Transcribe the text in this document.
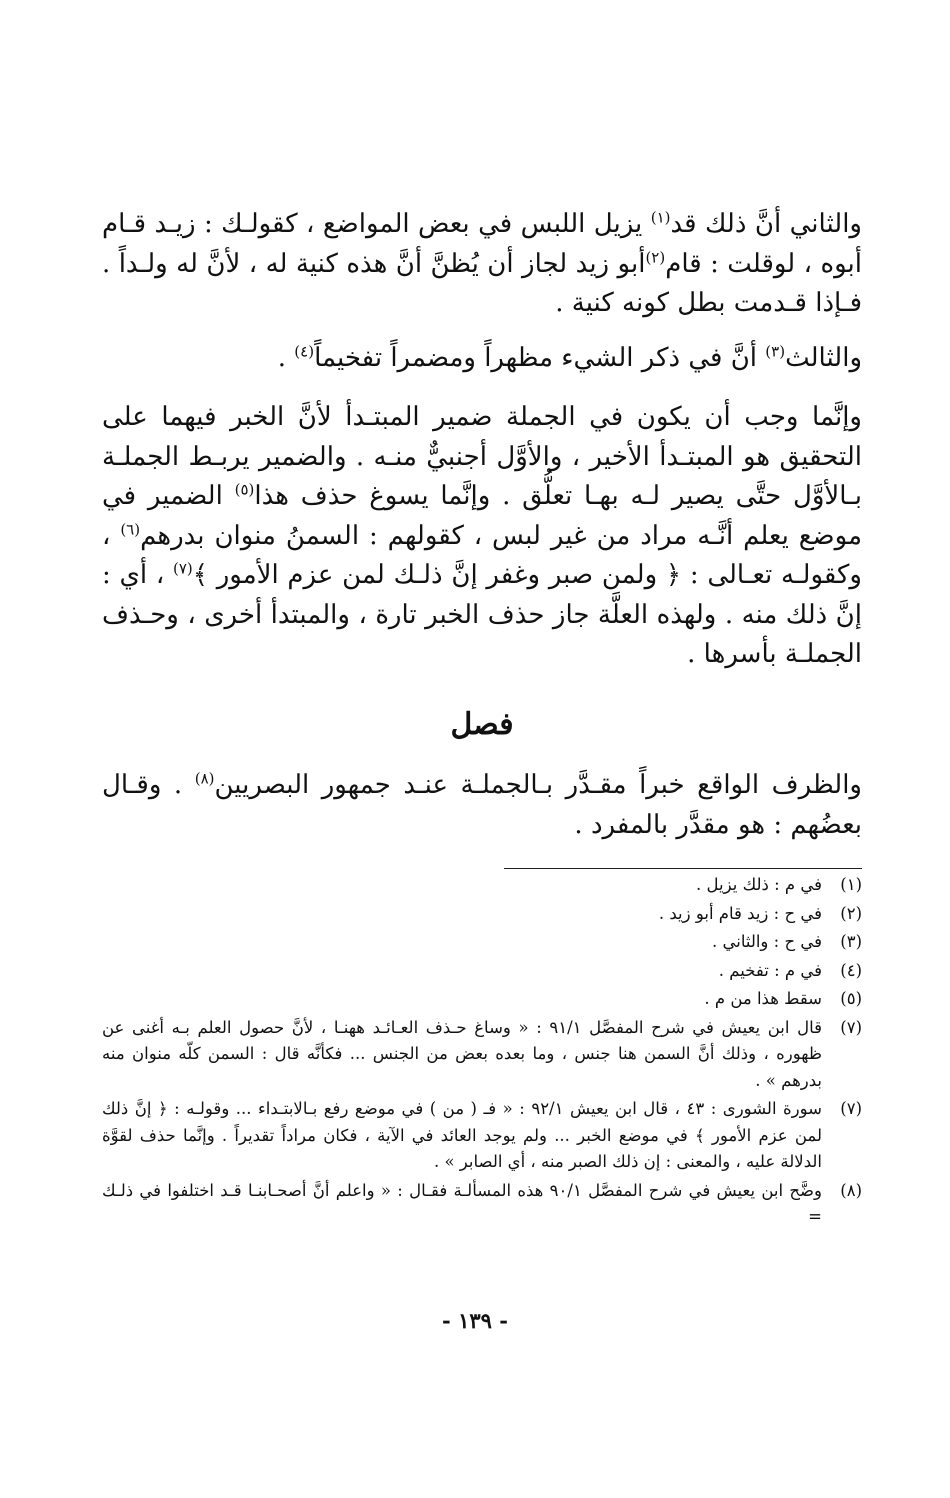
والثاني أنَّ ذلك قد$^{(١)}$ يزيل اللبس في بعض المواضع ، كقولـك : زيـد قـام أبوه ، لوقلت : قام$^{(٢)}$أبو زيد لجاز أن يُظنَّ أنَّ هذه كنية له ، لأنَّ له ولـداً . فـإذا قـدمت بطل كونه كنية .

والثالث$^{(٣)}$ أنَّ في ذكر الشيء مظهراً ومضمراً تفخيماً$^{(٤)}$ .

وإنَّما وجب أن يكون في الجملة ضمير المبتـدأ لأنَّ الخبر فيهما على التحقيق هو المبتـدأ الأخير ، والأوَّل أجنبيٌّ منـه . والضمير يربـط الجملـة بـالأوَّل حتَّى يصير لـه بهـا تعلُّق . وإنَّما يسوغ حذف هذا$^{(٥)}$ الضمير في موضع يعلم أنَّـه مراد من غير لبس ، كقولهم : السمنُ منوان بدرهم$^{(٦)}$ ، وكقولـه تعـالى : ﴿ ولمن صبر وغفر إنَّ ذلـك لمن عزم الأمور ﴾$^{(٧)}$ ، أي : إنَّ ذلك منه . ولهذه العلَّة جاز حذف الخبر تارة ، والمبتدأ أخرى ، وحـذف الجملـة بأسرها .

فصل

والظرف الواقع خبراً مقـدَّر بـالجملـة عنـد جمهور البصريين$^{(٨)}$ . وقـال بعضُهم : هو مقدَّر بالمفرد .

(١)
في م : ذلك يزيل .
(٢)
في ح : زيد قام أبو زيد .
(٣)
في ح : والثاني .
(٤)
في م : تفخيم .
(٥)
سقط هذا من م .
(٧)
قال ابن يعيش في شرح المفصَّل ٩١/١ : « وساغ حـذف العـائـد ههنـا ، لأنَّ حصول العلم بـه أغنى عن ظهوره ، وذلك أنَّ السمن هنا جنس ، وما بعده بعض من الجنس ... فكأنَّه قال : السمن كلّه منوان منه بدرهم » .
(٧)
سورة الشورى : ٤٣ ، قال ابن يعيش ٩٢/١ : « فـ ( من ) في موضع رفع بـالابتـداء ... وقولـه : ﴿ إنَّ ذلك لمن عزم الأمور ﴾ في موضع الخبر ... ولم يوجد العائد في الآية ، فكان مراداً تقديراً . وإنَّما حذف لقوَّة الدلالة عليه ، والمعنى : إن ذلك الصبر منه ، أي الصابر » .
(٨)
وضَّح ابن يعيش في شرح المفصَّل ٩٠/١ هذه المسألـة فقـال : « واعلم أنَّ أصحـابنـا قـد اختلفوا في ذلـك =
- ١٣٩ -
